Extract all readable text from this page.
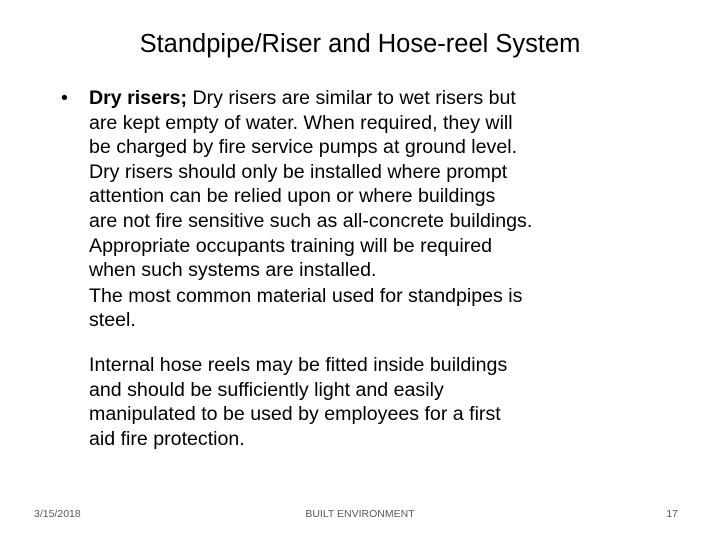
Standpipe/Riser and Hose-reel System
• Dry risers; Dry risers are similar to wet risers but
are kept empty of water. When required, they will
be charged by fire service pumps at ground level.
Dry risers should only be installed where prompt
attention can be relied upon or where buildings
are not fire sensitive such as all-concrete buildings.
Appropriate occupants training will be required
when such systems are installed.
The most common material used for standpipes is
steel.
Internal hose reels may be fitted inside buildings
and should be sufficiently light and easily
manipulated to be used by employees for a first
aid fire protection.
3/15/2018	BUILT ENVIRONMENT	17
